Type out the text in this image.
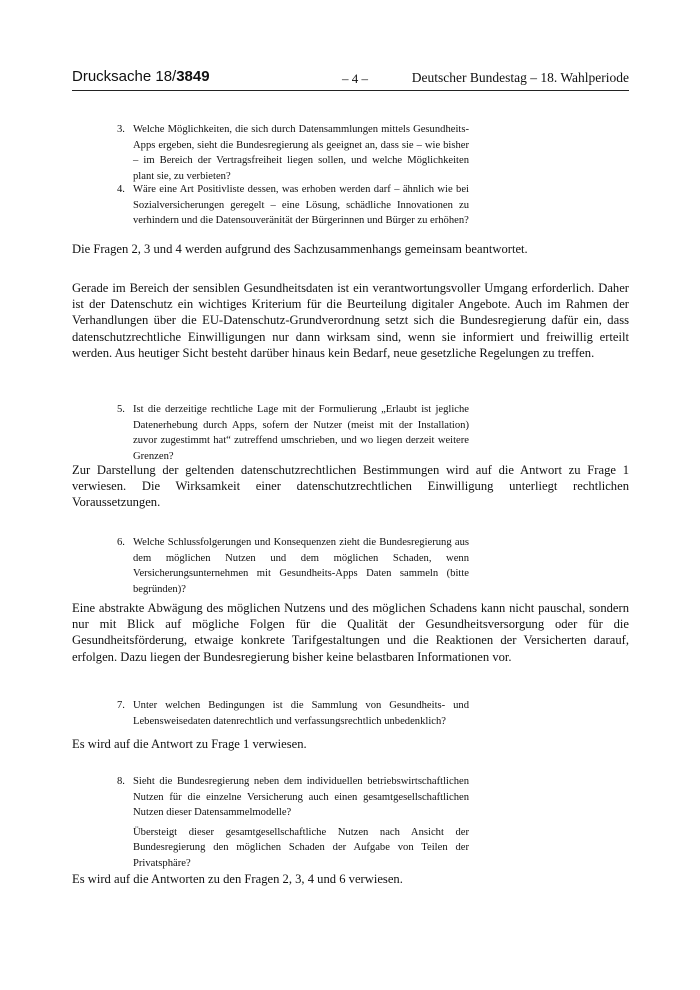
Drucksache 18/3849	– 4 –	Deutscher Bundestag – 18. Wahlperiode
3. Welche Möglichkeiten, die sich durch Datensammlungen mittels Gesundheits-Apps ergeben, sieht die Bundesregierung als geeignet an, dass sie – wie bisher – im Bereich der Vertragsfreiheit liegen sollen, und welche Möglichkeiten plant sie, zu verbieten?

4. Wäre eine Art Positivliste dessen, was erhoben werden darf – ähnlich wie bei Sozialversicherungen geregelt – eine Lösung, schädliche Innovationen zu verhindern und die Datensouveränität der Bürgerinnen und Bürger zu erhöhen?

Die Fragen 2, 3 und 4 werden aufgrund des Sachzusammenhangs gemeinsam beantwortet.

Gerade im Bereich der sensiblen Gesundheitsdaten ist ein verantwortungsvoller Umgang erforderlich. Daher ist der Datenschutz ein wichtiges Kriterium für die Beurteilung digitaler Angebote. Auch im Rahmen der Verhandlungen über die EU-Datenschutz-Grundverordnung setzt sich die Bundesregierung dafür ein, dass datenschutzrechtliche Einwilligungen nur dann wirksam sind, wenn sie informiert und freiwillig erteilt werden. Aus heutiger Sicht besteht darüber hinaus kein Bedarf, neue gesetzliche Regelungen zu treffen.

5. Ist die derzeitige rechtliche Lage mit der Formulierung „Erlaubt ist jegliche Datenerhebung durch Apps, sofern der Nutzer (meist mit der Installation) zuvor zugestimmt hat“ zutreffend umschrieben, und wo liegen derzeit weitere Grenzen?

Zur Darstellung der geltenden datenschutzrechtlichen Bestimmungen wird auf die Antwort zu Frage 1 verwiesen. Die Wirksamkeit einer datenschutzrechtlichen Einwilligung unterliegt rechtlichen Voraussetzungen.

6. Welche Schlussfolgerungen und Konsequenzen zieht die Bundesregierung aus dem möglichen Nutzen und dem möglichen Schaden, wenn Versicherungsunternehmen mit Gesundheits-Apps Daten sammeln (bitte begründen)?

Eine abstrakte Abwägung des möglichen Nutzens und des möglichen Schadens kann nicht pauschal, sondern nur mit Blick auf mögliche Folgen für die Qualität der Gesundheitsversorgung oder für die Gesundheitsförderung, etwaige konkrete Tarifgestaltungen und die Reaktionen der Versicherten darauf, erfolgen. Dazu liegen der Bundesregierung bisher keine belastbaren Informationen vor.

7. Unter welchen Bedingungen ist die Sammlung von Gesundheits- und Lebensweisedaten datenrechtlich und verfassungsrechtlich unbedenklich?

Es wird auf die Antwort zu Frage 1 verwiesen.

8. Sieht die Bundesregierung neben dem individuellen betriebswirtschaftlichen Nutzen für die einzelne Versicherung auch einen gesamtgesellschaftlichen Nutzen dieser Datensammelmodelle?

Übersteigt dieser gesamtgesellschaftliche Nutzen nach Ansicht der Bundesregierung den möglichen Schaden der Aufgabe von Teilen der Privatsphäre?

Es wird auf die Antworten zu den Fragen 2, 3, 4 und 6 verwiesen.
